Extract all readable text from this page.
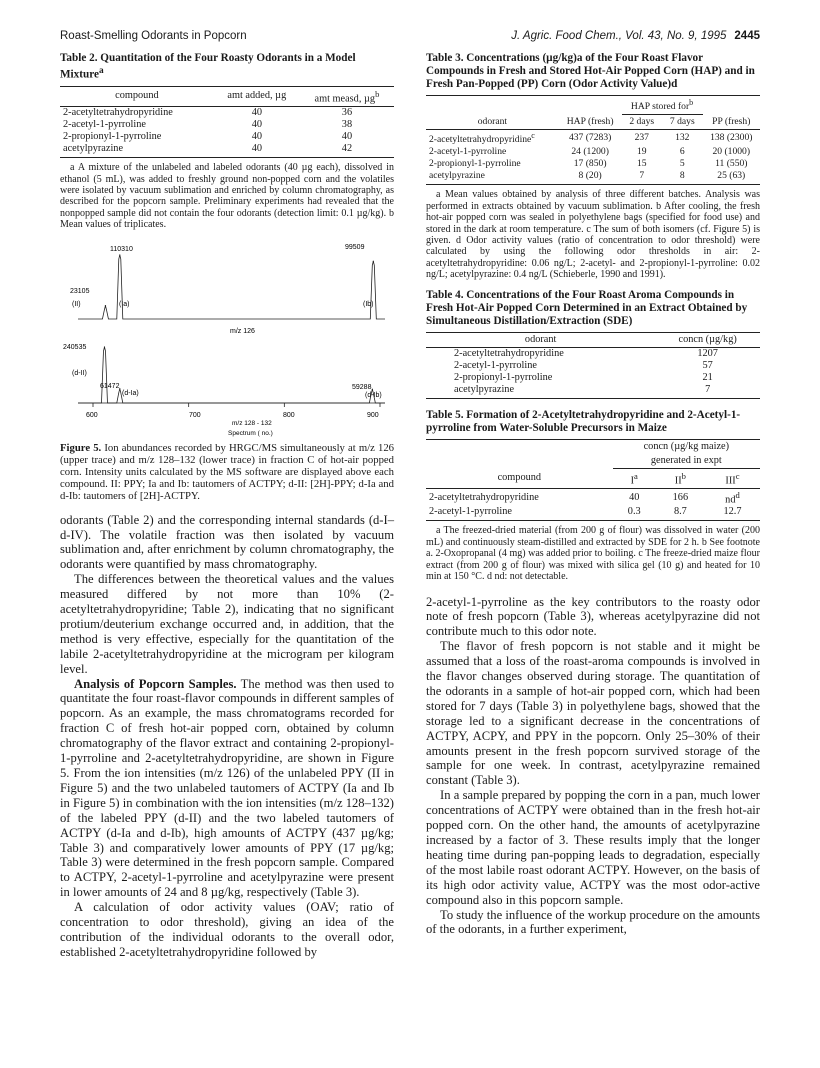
Roast-Smelling Odorants in Popcorn	J. Agric. Food Chem., Vol. 43, No. 9, 1995 2445
Table 2. Quantitation of the Four Roasty Odorants in a Model Mixture$^a$
compound	amt added, µg	amt measd, µg$^b$
2-acetyltetrahydropyridine	40	36
2-acetyl-1-pyrroline	40	38
2-propionyl-1-pyrroline	40	40
acetylpyrazine	40	42

a A mixture of the unlabeled and labeled odorants (40 µg each), dissolved in ethanol (5 mL), was added to freshly ground non-popped corn and the volatiles were isolated by vacuum sublimation and enriched by column chromatography, as described for the popcorn sample. Preliminary experiments had revealed that the nonpopped sample did not contain the four odorants (detection limit: 0.1 µg/kg). b Mean values of triplicates.

110310	99509
23105
(II)	(Ia)	(Ib)
m/z 126
240535
(d-II)
61472
(d-Ia)
59288
(d-Ib)
m/z 128 - 132
Spectrum ( no.)
600	700	800	900
Figure 5. Ion abundances recorded by HRGC/MS simultaneously at m/z 126 (upper trace) and m/z 128–132 (lower trace) in fraction C of hot-air popped corn. Intensity units calculated by the MS software are displayed above each compound. II: PPY; Ia and Ib: tautomers of ACTPY; d-II: [2H]-PPY; d-Ia and d-Ib: tautomers of [2H]-ACTPY.

odorants (Table 2) and the corresponding internal standards (d-I–d-IV). The volatile fraction was then isolated by vacuum sublimation and, after enrichment by column chromatography, the odorants were quantified by mass chromatography.

The differences between the theoretical values and the values measured differed by not more than 10% (2-acetyltetrahydropyridine; Table 2), indicating that no significant protium/deuterium exchange occurred and, in addition, that the method is very effective, especially for the quantitation of the labile 2-acetyltetrahydropyridine at the microgram per kilogram level.

Analysis of Popcorn Samples. The method was then used to quantitate the four roast-flavor compounds in different samples of popcorn. As an example, the mass chromatograms recorded for fraction C of fresh hot-air popped corn, obtained by column chromatography of the flavor extract and containing 2-propionyl-1-pyrroline and 2-acetyltetrahydropyridine, are shown in Figure 5. From the ion intensities (m/z 126) of the unlabeled PPY (II in Figure 5) and the two unlabeled tautomers of ACTPY (Ia and Ib in Figure 5) in combination with the ion intensities (m/z 128–132) of the labeled PPY (d-II) and the two labeled tautomers of ACTPY (d-Ia and d-Ib), high amounts of ACTPY (437 µg/kg; Table 3) and comparatively lower amounts of PPY (17 µg/kg; Table 3) were determined in the fresh popcorn sample. Compared to ACTPY, 2-acetyl-1-pyrroline and acetylpyrazine were present in lower amounts of 24 and 8 µg/kg, respectively (Table 3).

A calculation of odor activity values (OAV; ratio of concentration to odor threshold), giving an idea of the contribution of the individual odorants to the overall odor, established 2-acetyltetrahydropyridine followed by

Table 3. Concentrations (µg/kg)a of the Four Roast Flavor Compounds in Fresh and Stored Hot-Air Popped Corn (HAP) and in Fresh Pan-Popped (PP) Corn (Odor Activity Value)d
		HAP stored for$^b$	
odorant	HAP (fresh)	2 days	7 days	PP (fresh)
2-acetyltetrahydropyridine$^c$	437 (7283)	237	132	138 (2300)
2-acetyl-1-pyrroline	24 (1200)	19	6	20 (1000)
2-propionyl-1-pyrroline	17 (850)	15	5	11 (550)
acetylpyrazine	8 (20)	7	8	25 (63)

a Mean values obtained by analysis of three different batches. Analysis was performed in extracts obtained by vacuum sublimation. b After cooling, the fresh hot-air popped corn was sealed in polyethylene bags (specified for food use) and stored in the dark at room temperature. c The sum of both isomers (cf. Figure 5) is given. d Odor activity values (ratio of concentration to odor threshold) were calculated by using the following odor thresholds in air: 2-acetyltetrahydropyridine: 0.06 ng/L; 2-acetyl- and 2-propionyl-1-pyrroline: 0.02 ng/L; acetylpyrazine: 0.4 ng/L (Schieberle, 1990 and 1991).

Table 4. Concentrations of the Four Roast Aroma Compounds in Fresh Hot-Air Popped Corn Determined in an Extract Obtained by Simultaneous Distillation/Extraction (SDE)
odorant	concn (µg/kg)
2-acetyltetrahydropyridine	1207
2-acetyl-1-pyrroline	57
2-propionyl-1-pyrroline	21
acetylpyrazine	7
Table 5. Formation of 2-Acetyltetrahydropyridine and 2-Acetyl-1-pyrroline from Water-Soluble Precursors in Maize
	concn (µg/kg maize)		
	generated in expt		
compound	$I^a$	$II^b$	III$^c$
2-acetyltetrahydropyridine	40	166	$nd^d$
2-acetyl-1-pyrroline	0.3	8.7	12.7

a The freezed-dried material (from 200 g of flour) was dissolved in water (200 mL) and continuously steam-distilled and extracted by SDE for 2 h. b See footnote a. 2-Oxopropanal (4 mg) was added prior to boiling. c The freeze-dried maize flour extract (from 200 g of flour) was mixed with silica gel (10 g) and heated for 10 min at 150 °C. d nd: not detectable.

2-acetyl-1-pyrroline as the key contributors to the roasty odor note of fresh popcorn (Table 3), whereas acetylpyrazine did not contribute much to this odor note.

The flavor of fresh popcorn is not stable and it might be assumed that a loss of the roast-aroma compounds is involved in the flavor changes observed during storage. The quantitation of the odorants in a sample of hot-air popped corn, which had been stored for 7 days (Table 3) in polyethylene bags, showed that the storage led to a significant decrease in the concentrations of ACTPY, ACPY, and PPY in the popcorn. Only 25–30% of their amounts present in the fresh popcorn survived storage of the sample for one week. In contrast, acetylpyrazine remained constant (Table 3).

In a sample prepared by popping the corn in a pan, much lower concentrations of ACTPY were obtained than in the fresh hot-air popped corn. On the other hand, the amounts of acetylpyrazine increased by a factor of 3. These results imply that the longer heating time during pan-popping leads to degradation, especially of the most labile roast odorant ACTPY. However, on the basis of its high odor activity value, ACTPY was the most odor-active compound also in this popcorn sample.

To study the influence of the workup procedure on the amounts of the odorants, in a further experiment,
